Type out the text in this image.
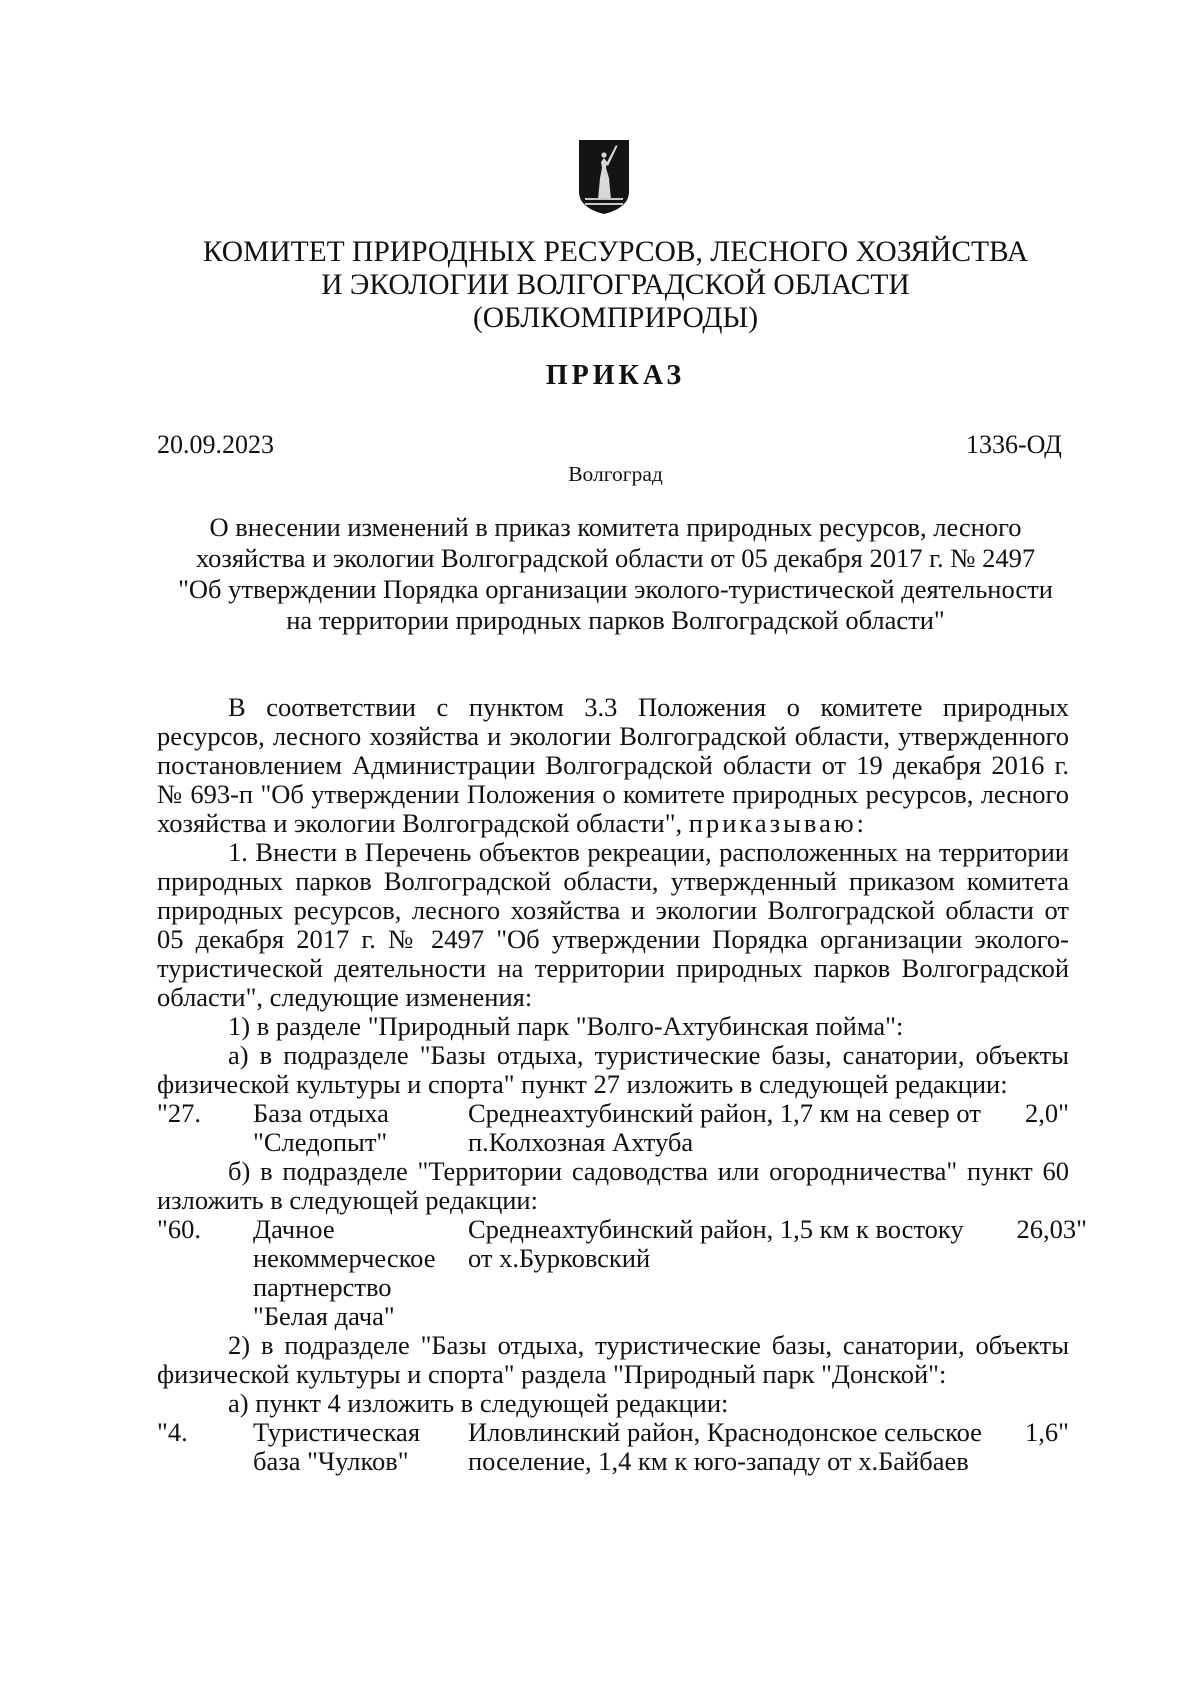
КОМИТЕТ ПРИРОДНЫХ РЕСУРСОВ, ЛЕСНОГО ХОЗЯЙСТВА
И ЭКОЛОГИИ ВОЛГОГРАДСКОЙ ОБЛАСТИ
(ОБЛКОМПРИРОДЫ)
ПРИКАЗ
20.09.2023	1336-ОД
Волгоград
О внесении изменений в приказ комитета природных ресурсов, лесного
хозяйства и экологии Волгоградской области от 05 декабря 2017 г. № 2497
"Об утверждении Порядка организации эколого-туристической деятельности
на территории природных парков Волгоградской области"

В соответствии с пунктом 3.3 Положения о комитете природных ресурсов, лесного хозяйства и экологии Волгоградской области, утвержденного постановлением Администрации Волгоградской области от 19 декабря 2016 г. № 693-п "Об утверждении Положения о комитете природных ресурсов, лесного хозяйства и экологии Волгоградской области", приказываю:

1. Внести в Перечень объектов рекреации, расположенных на территории природных парков Волгоградской области, утвержденный приказом комитета природных ресурсов, лесного хозяйства и экологии Волгоградской области от 05 декабря 2017 г. № 2497 "Об утверждении Порядка организации эколого-туристической деятельности на территории природных парков Волгоградской области", следующие изменения:

1) в разделе "Природный парк "Волго-Ахтубинская пойма":

а) в подразделе "Базы отдыха, туристические базы, санатории, объекты физической культуры и спорта" пункт 27 изложить в следующей редакции:

"27. База отдыха
"Следопыт"
Среднеахтубинский район, 1,7 км на север от
п.Колхозная Ахтуба
2,0"

б) в подразделе "Территории садоводства или огородничества" пункт 60 изложить в следующей редакции:

"60. Дачное
некоммерческое
партнерство
"Белая дача"
Среднеахтубинский район, 1,5 км к востоку
от х.Бурковский
26,03"

2) в подразделе "Базы отдыха, туристические базы, санатории, объекты физической культуры и спорта" раздела "Природный парк "Донской":

а) пункт 4 изложить в следующей редакции:

"4. Туристическая
база "Чулков"
Иловлинский район, Краснодонское сельское
поселение, 1,4 км к юго-западу от х.Байбаев
1,6"
